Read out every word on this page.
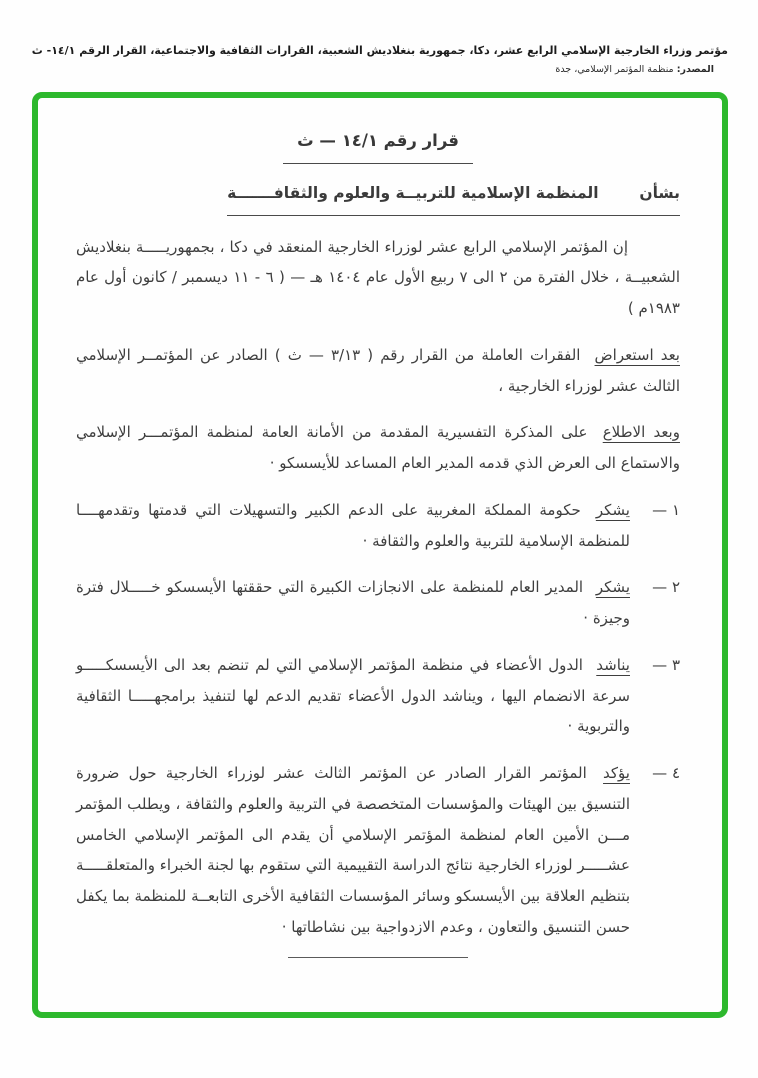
مؤتمر وزراء الخارجية الإسلامي الرابع عشر، دكا، جمهورية بنغلاديش الشعبية، القرارات الثقافية والاجتماعية، القرار الرقم ١٤/١- ث
المصدر: منظمة المؤتمر الإسلامي، جدة
قرار رقم ١٤/١ — ث
بشأن  المنظمة الإسلامية للتربيــة والعلوم والثقافـــــــة

إن المؤتمر الإسلامي الرابع عشر لوزراء الخارجية المنعقد في دكا ، بجمهوريـــــة بنغلاديش الشعبيــة ، خلال الفترة من ٢ الى ٧ ربيع الأول عام ١٤٠٤ هـ — ( ٦ - ١١ ديسمبر / كانون أول عام ١٩٨٣م )

بعد استعراض الفقرات العاملة من القرار رقم ( ٣/١٣ — ث ) الصادر عن المؤتمــر الإسلامي الثالث عشر لوزراء الخارجية ،

وبعد الاطلاع على المذكرة التفسيرية المقدمة من الأمانة العامة لمنظمة المؤتمـــر الإسلامي والاستماع الى العرض الذي قدمه المدير العام المساعد للأيسسكو ·

١ —

يشكر حكومة المملكة المغربية على الدعم الكبير والتسهيلات التي قدمتها وتقدمهــــا للمنظمة الإسلامية للتربية والعلوم والثقافة ·

٢ —

يشكر المدير العام للمنظمة على الانجازات الكبيرة التي حققتها الأيسسكو خـــــلال فترة وجيزة ·

٣ —

يناشد الدول الأعضاء في منظمة المؤتمر الإسلامي التي لم تنضم بعد الى الأيسسكـــــو سرعة الانضمام اليها ، ويناشد الدول الأعضاء تقديم الدعم لها لتنفيذ برامجهـــــا الثقافية والتربوية ·

٤ —

يؤكد المؤتمر القرار الصادر عن المؤتمر الثالث عشر لوزراء الخارجية حول ضرورة التنسيق بين الهيئات والمؤسسات المتخصصة في التربية والعلوم والثقافة ، ويطلب المؤتمر مـــن الأمين العام لمنظمة المؤتمر الإسلامي أن يقدم الى المؤتمر الإسلامي الخامس عشـــــر لوزراء الخارجية نتائج الدراسة التقييمية التي ستقوم بها لجنة الخبراء والمتعلقـــــة بتنظيم العلاقة بين الأيسسكو وسائر المؤسسات الثقافية الأخرى التابعــة للمنظمة بما يكفل حسن التنسيق والتعاون ، وعدم الازدواجية بين نشاطاتها ·
